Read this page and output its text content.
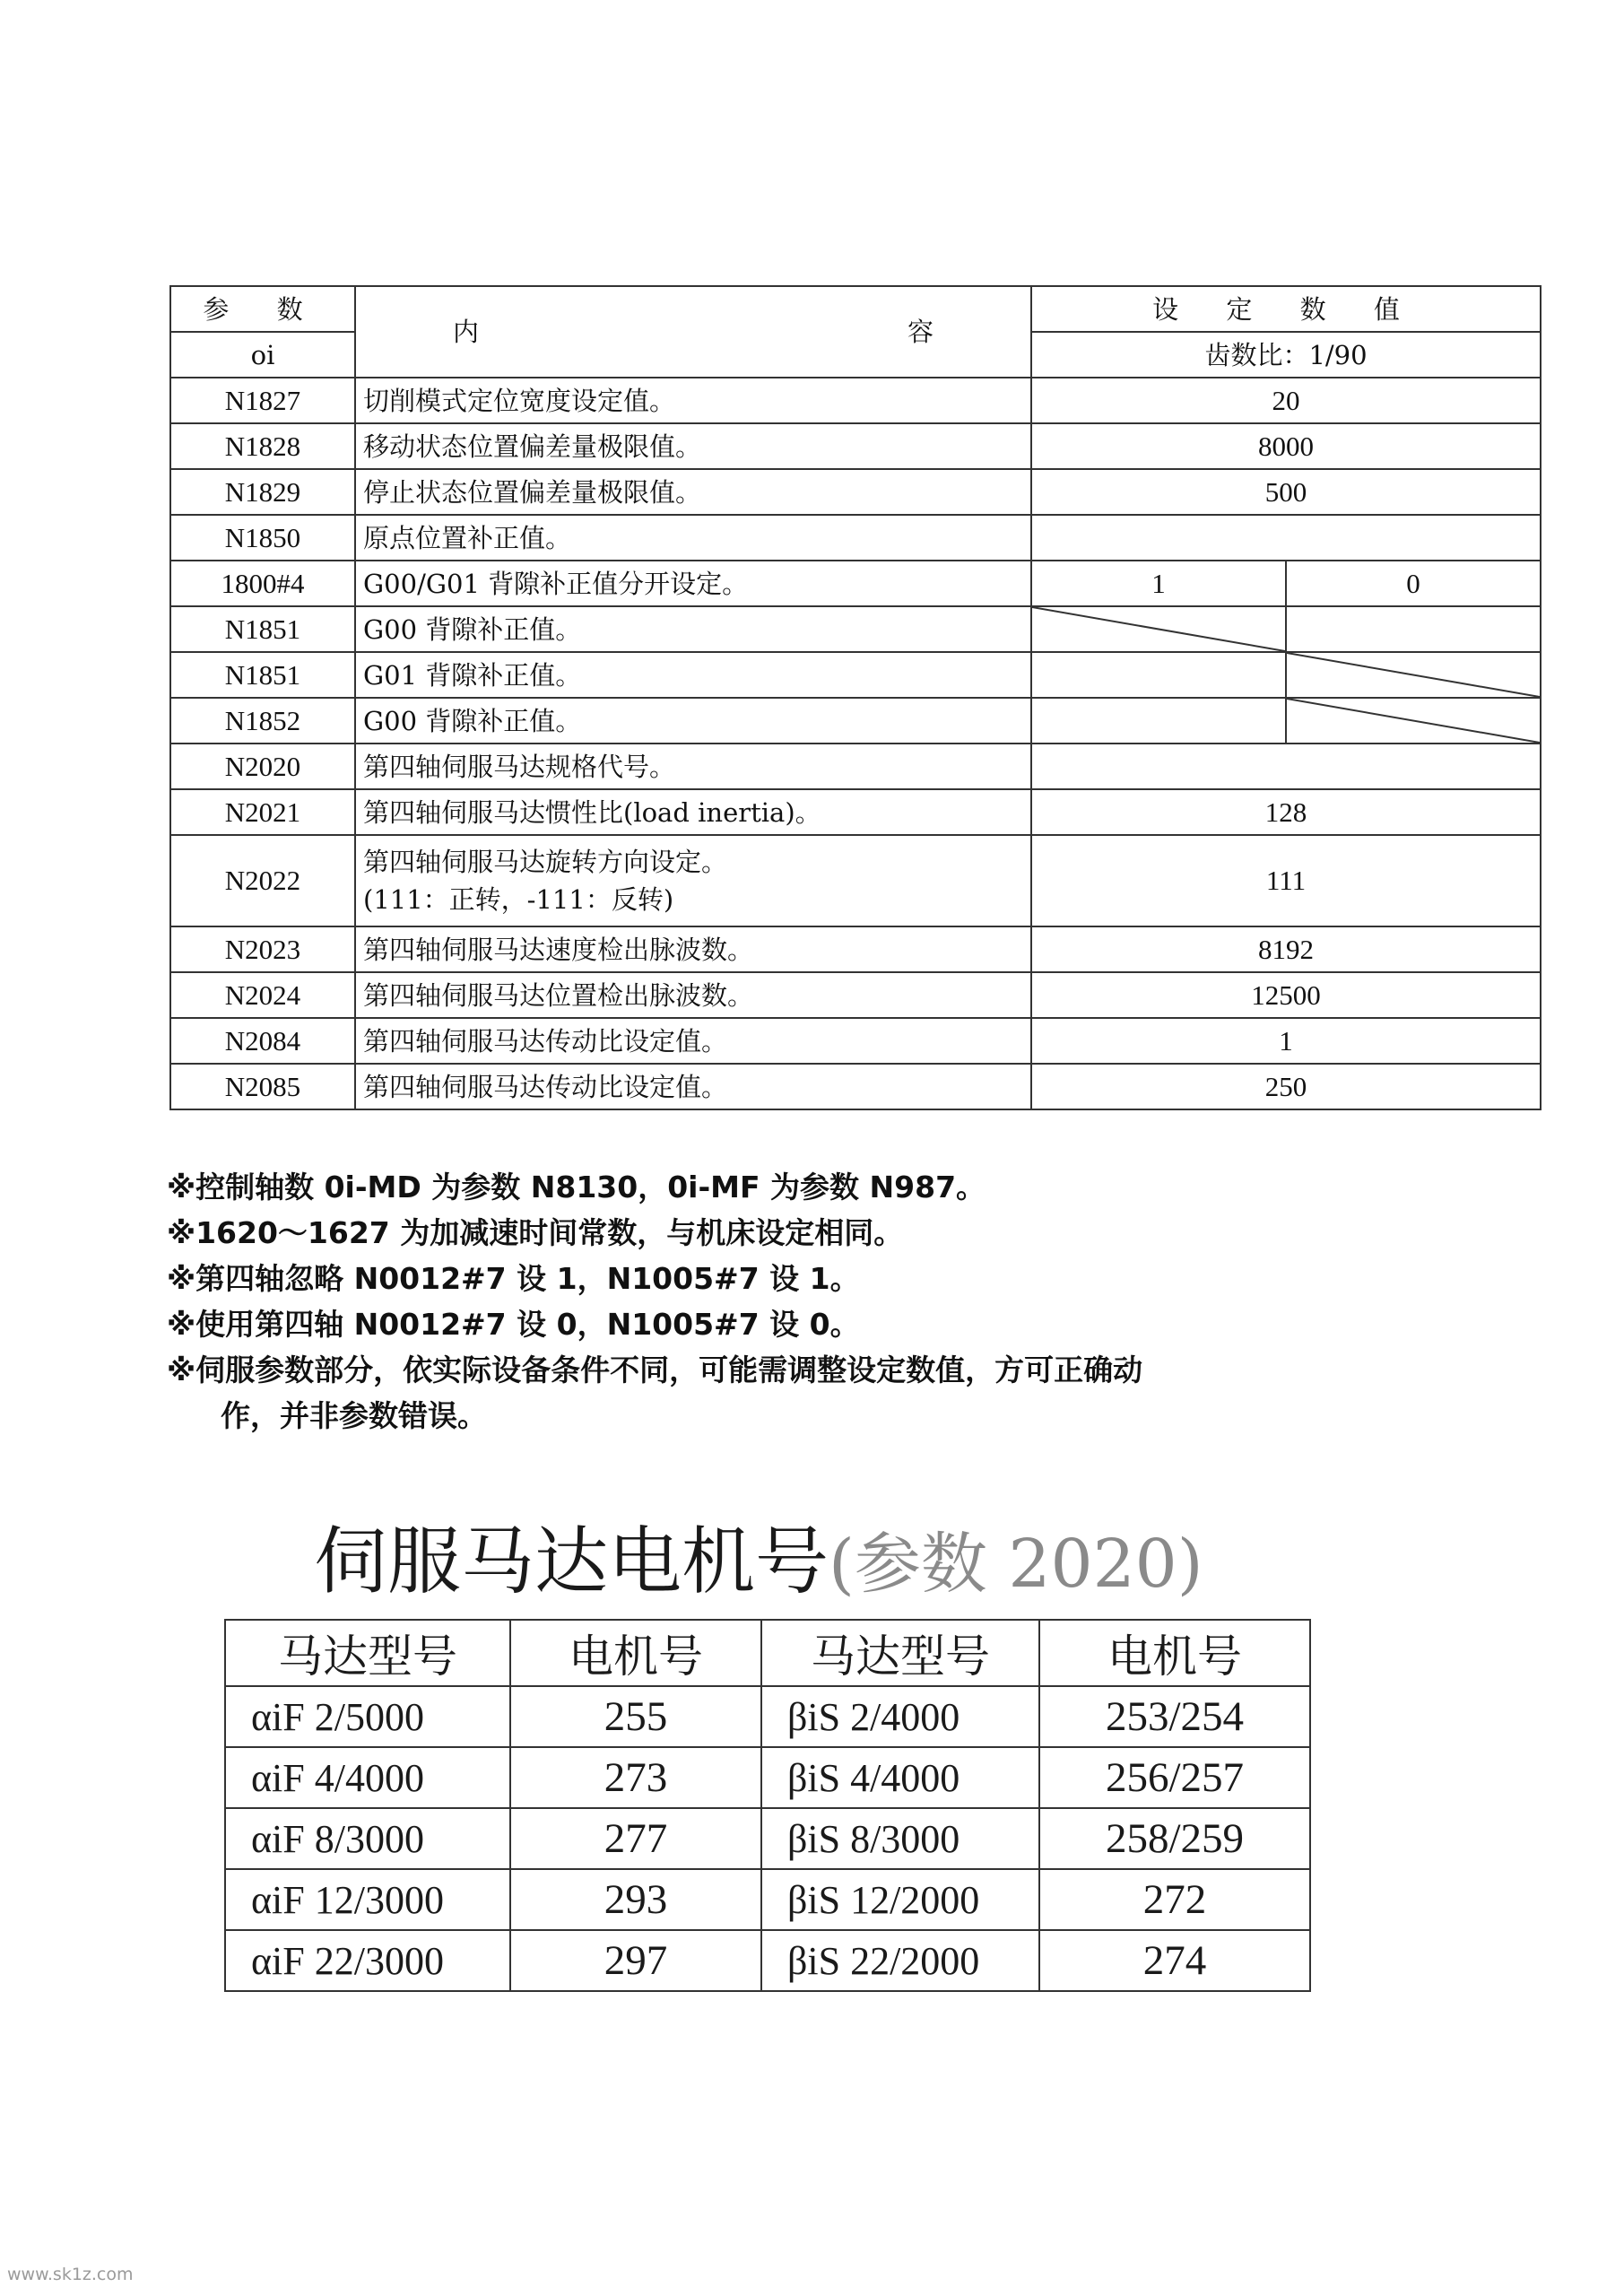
参 数	内 容	设 定 数 值	
oi		齿数比：1/90	
N1827	切削模式定位宽度设定值。	20	
N1828	移动状态位置偏差量极限值。	8000	
N1829	停止状态位置偏差量极限值。	500	
N1850	原点位置补正值。		
1800#4	G00/G01 背隙补正值分开设定。	1	0
N1851	G00 背隙补正值。	

N1851	G01 背隙补正值。		

N1852	G00 背隙补正值。		

N2020	第四轴伺服马达规格代号。		
N2021	第四轴伺服马达惯性比(load inertia)。	128	
N2022	第四轴伺服马达旋转方向设定。
(111：正转，-111：反转)	111	
N2023	第四轴伺服马达速度检出脉波数。	8192	
N2024	第四轴伺服马达位置检出脉波数。	12500	
N2084	第四轴伺服马达传动比设定值。	1	
N2085	第四轴伺服马达传动比设定值。	250	
※控制轴数 0i-MD 为参数 N8130，0i-MF 为参数 N987。
※1620～1627 为加减速时间常数，与机床设定相同。
※第四轴忽略 N0012#7 设 1，N1005#7 设 1。
※使用第四轴 N0012#7 设 0，N1005#7 设 0。
※伺服参数部分，依实际设备条件不同，可能需调整设定数值，方可正确动
作，并非参数错误。
伺服马达电机号(参数 2020)
马达型号	电机号	马达型号	电机号
αiF 2/5000	255	βiS 2/4000	253/254
αiF 4/4000	273	βiS 4/4000	256/257
αiF 8/3000	277	βiS 8/3000	258/259
αiF 12/3000	293	βiS 12/2000	272
αiF 22/3000	297	βiS 22/2000	274
www.sk1z.com
